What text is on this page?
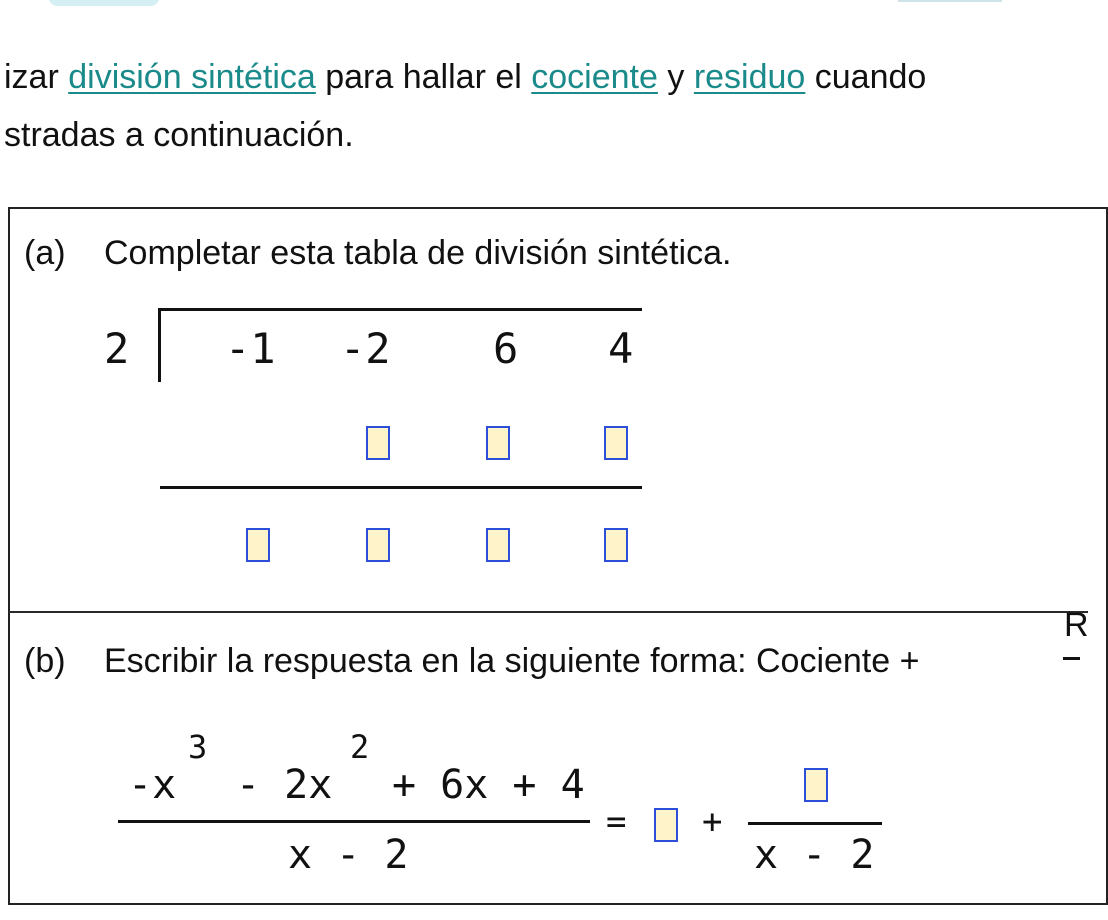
izar división sintética para hallar el cociente y residuo cuando
stradas a continuación.
(a) Completar esta tabla de división sintética.
2 -1 -2 6 4
(b) Escribir la respuesta en la siguiente forma: Cociente +
R
-x
3
- 2x
2
+ 6x + 4
x - 2
= +
x - 2
